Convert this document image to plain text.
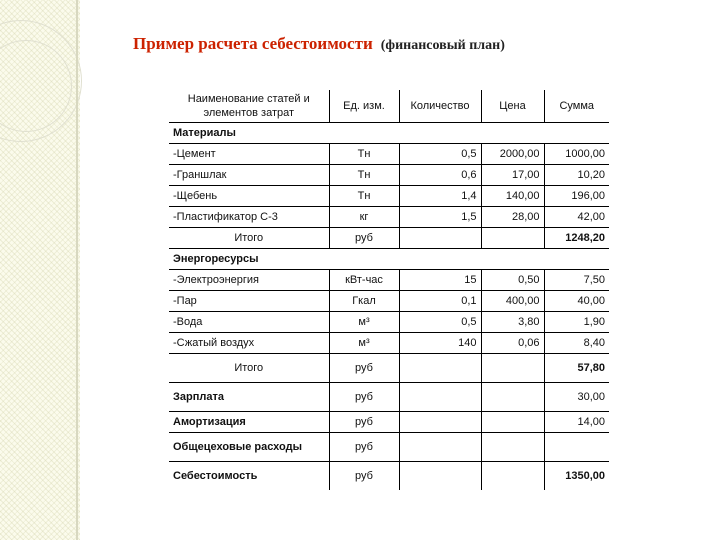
Пример расчета себестоимости (финансовый план)
Наименование статей и элементов затрат	Ед. изм.	Количество	Цена	Сумма
Материалы				
-Цемент	Тн	0,5	2000,00	1000,00
-Граншлак	Тн	0,6	17,00	10,20
-Щебень	Тн	1,4	140,00	196,00
-Пластификатор С-3	кг	1,5	28,00	42,00
Итого	руб			1248,20
Энергоресурсы				
-Электроэнергия	кВт-час	15	0,50	7,50
-Пар	Гкал	0,1	400,00	40,00
-Вода	м³	0,5	3,80	1,90
-Сжатый воздух	м³	140	0,06	8,40
Итого	руб			57,80
Зарплата	руб			30,00
Амортизация	руб			14,00
Общецеховые расходы	руб			
Себестоимость	руб			1350,00
